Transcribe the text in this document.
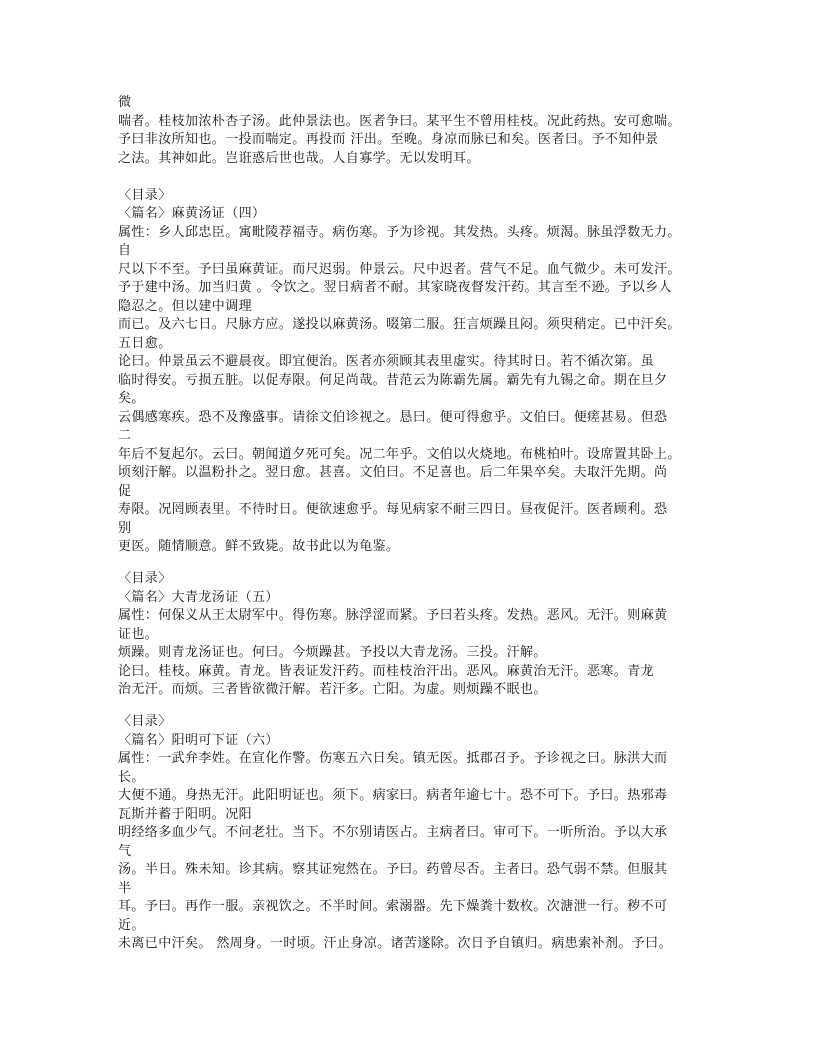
微
喘者。桂枝加浓朴杏子汤。此仲景法也。医者争曰。某平生不曾用桂枝。况此药热。安可愈喘。
予曰非汝所知也。一投而喘定。再投而 汗出。至晚。身凉而脉已和矣。医者曰。予不知仲景
之法。其神如此。岂诳惑后世也哉。人自寡学。无以发明耳。
〈目录〉
〈篇名〉麻黄汤证（四）
属性：乡人邱忠臣。寓毗陵荐福寺。病伤寒。予为诊视。其发热。头疼。烦渴。脉虽浮数无力。
自
尺以下不至。予曰虽麻黄证。而尺迟弱。仲景云。尺中迟者。营气不足。血气微少。未可发汗。
予于建中汤。加当归黄 。令饮之。翌日病者不耐。其家晓夜督发汗药。其言至不逊。予以乡人
隐忍之。但以建中调理
而已。及六七日。尺脉方应。遂投以麻黄汤。啜第二服。狂言烦躁且闷。须臾稍定。已中汗矣。
五日愈。
论曰。仲景虽云不避晨夜。即宜便治。医者亦须顾其表里虚实。待其时日。若不循次第。虽
临时得安。亏损五脏。以促寿限。何足尚哉。昔范云为陈霸先属。霸先有九锡之命。期在旦夕
矣。
云偶感寒疾。恐不及豫盛事。请徐文伯诊视之。恳曰。便可得愈乎。文伯曰。便瘥甚易。但恐
二
年后不复起尔。云曰。朝闻道夕死可矣。况二年乎。文伯以火烧地。布桃柏叶。设席置其卧上。
顷刻汗解。以温粉扑之。翌日愈。甚喜。文伯曰。不足喜也。后二年果卒矣。夫取汗先期。尚
促
寿限。况罔顾表里。不待时日。便欲速愈乎。每见病家不耐三四日。昼夜促汗。医者顾利。恐
别
更医。随情顺意。鲜不致毙。故书此以为龟鉴。
〈目录〉
〈篇名〉大青龙汤证（五）
属性：何保义从王太尉军中。得伤寒。脉浮涩而紧。予曰若头疼。发热。恶风。无汗。则麻黄
证也。
烦躁。则青龙汤证也。何曰。今烦躁甚。予投以大青龙汤。三投。汗解。
论曰。桂枝。麻黄。青龙。皆表证发汗药。而桂枝治汗出。恶风。麻黄治无汗。恶寒。青龙
治无汗。而烦。三者皆欲微汗解。若汗多。亡阳。为虚。则烦躁不眠也。
〈目录〉
〈篇名〉阳明可下证（六）
属性：一武弁李姓。在宣化作警。伤寒五六日矣。镇无医。抵郡召予。予诊视之曰。脉洪大而
长。
大便不通。身热无汗。此阳明证也。须下。病家曰。病者年逾七十。恐不可下。予曰。热邪毒
瓦斯并蓄于阳明。况阳
明经络多血少气。不问老壮。当下。不尔别请医占。主病者曰。审可下。一听所治。予以大承
气
汤。半日。殊未知。诊其病。察其证宛然在。予曰。药曾尽否。主者曰。恐气弱不禁。但服其
半
耳。予曰。再作一服。亲视饮之。不半时间。索溺器。先下燥粪十数枚。次溏泄一行。秽不可
近。
未离已中汗矣。 然周身。一时顷。汗止身凉。诸苦遂除。次日予自镇归。病患索补剂。予曰。
